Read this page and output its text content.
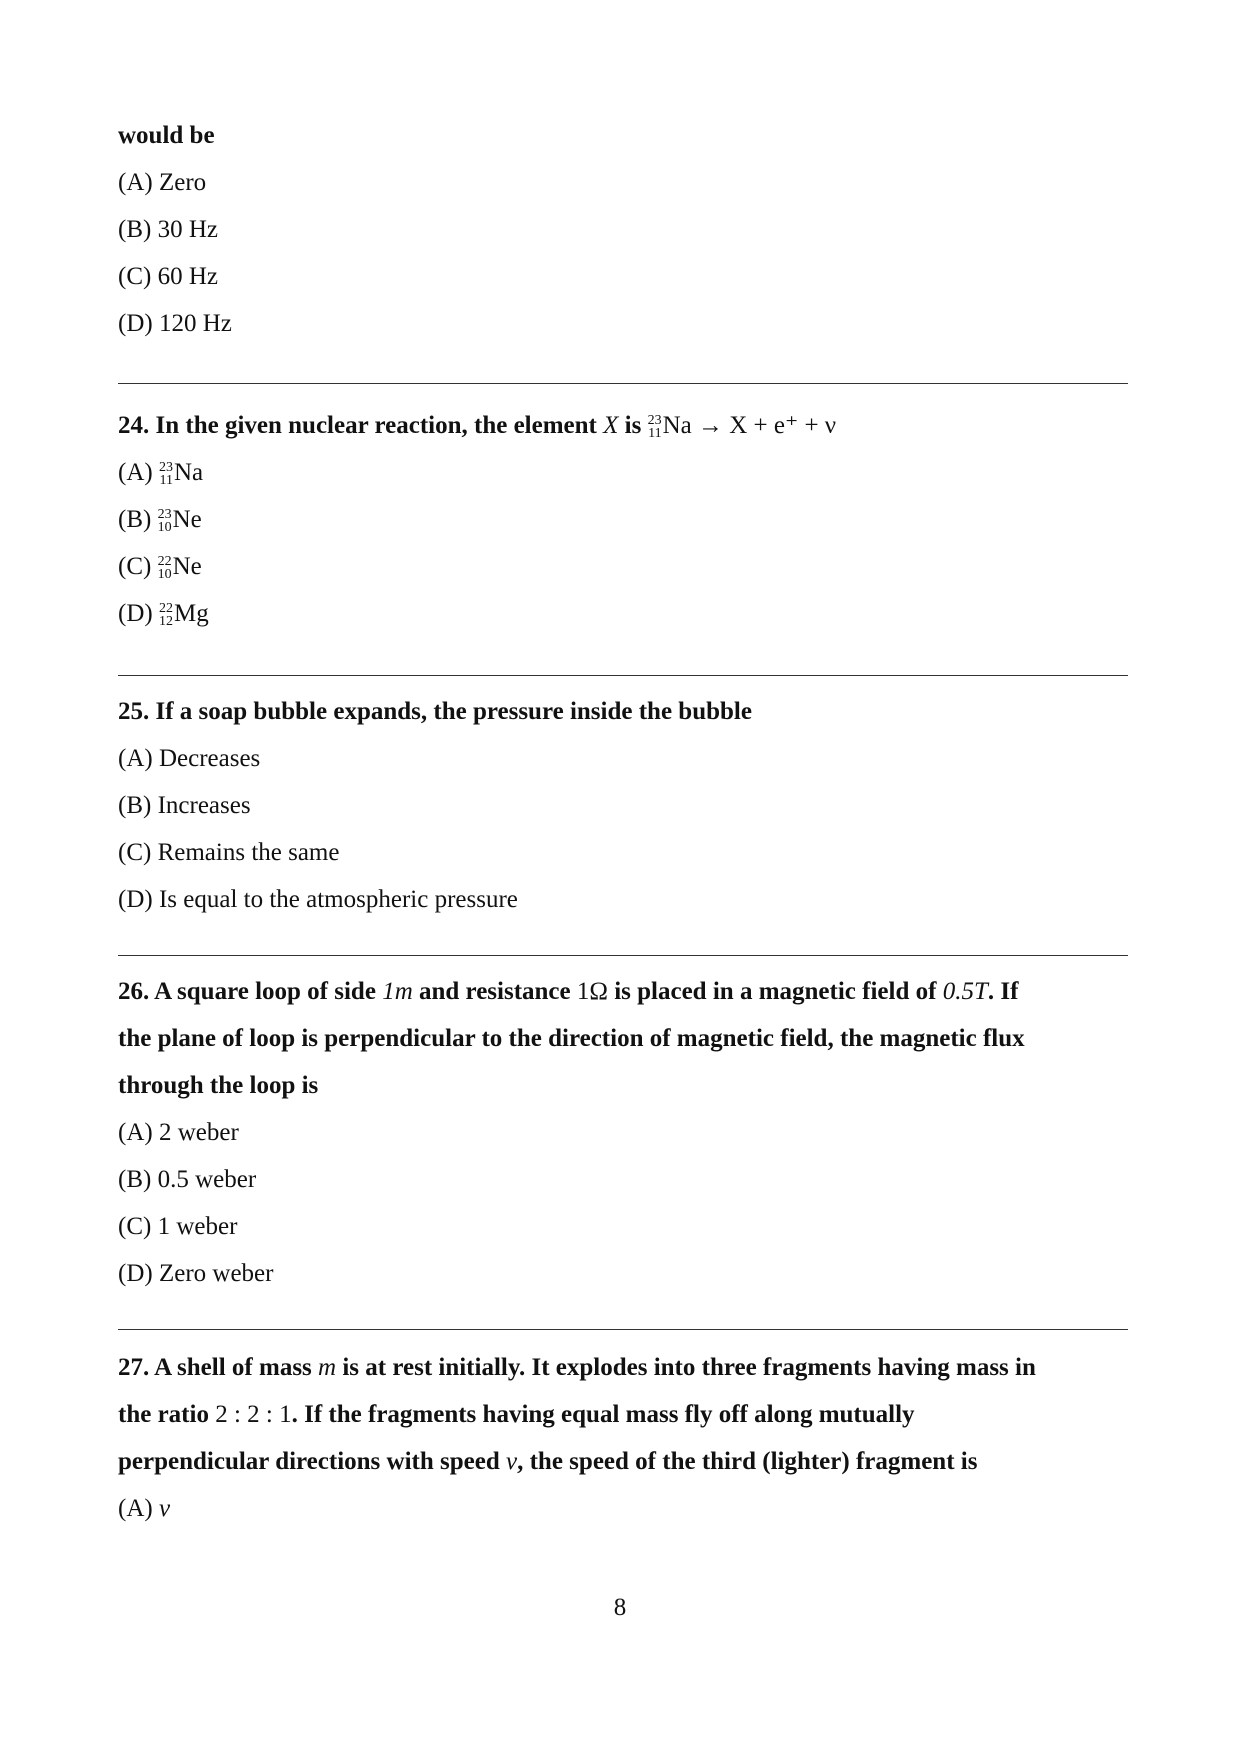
would be
(A) Zero
(B) 30 Hz
(C) 60 Hz
(D) 120 Hz
24. In the given nuclear reaction, the element X is 23
11 Na → X + e⁺ + ν
(A) 23
11 Na
(B) 23
10 Ne
(C) 22
10 Ne
(D) 22
12 Mg
25. If a soap bubble expands, the pressure inside the bubble
(A) Decreases
(B) Increases
(C) Remains the same
(D) Is equal to the atmospheric pressure
26. A square loop of side 1m and resistance 1Ω is placed in a magnetic field of 0.5T. If
the plane of loop is perpendicular to the direction of magnetic field, the magnetic flux
through the loop is
(A) 2 weber
(B) 0.5 weber
(C) 1 weber
(D) Zero weber
27. A shell of mass m is at rest initially. It explodes into three fragments having mass in
the ratio 2 : 2 : 1. If the fragments having equal mass fly off along mutually
perpendicular directions with speed v, the speed of the third (lighter) fragment is
(A) v
8
